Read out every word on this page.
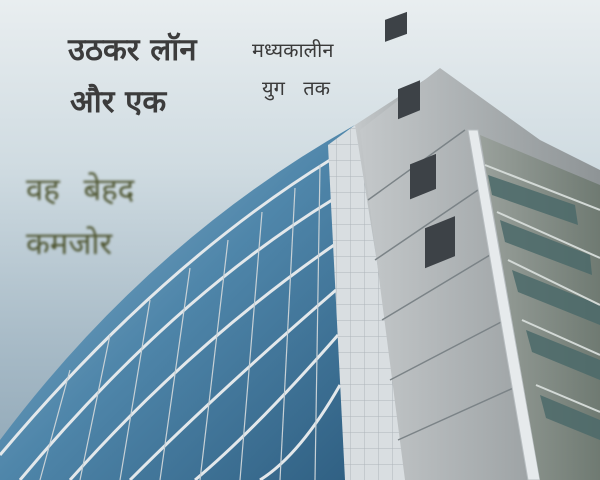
उठकर लॉन
और एक
मध्यकालीन
युग तक
वह बेहद
कमजोर
